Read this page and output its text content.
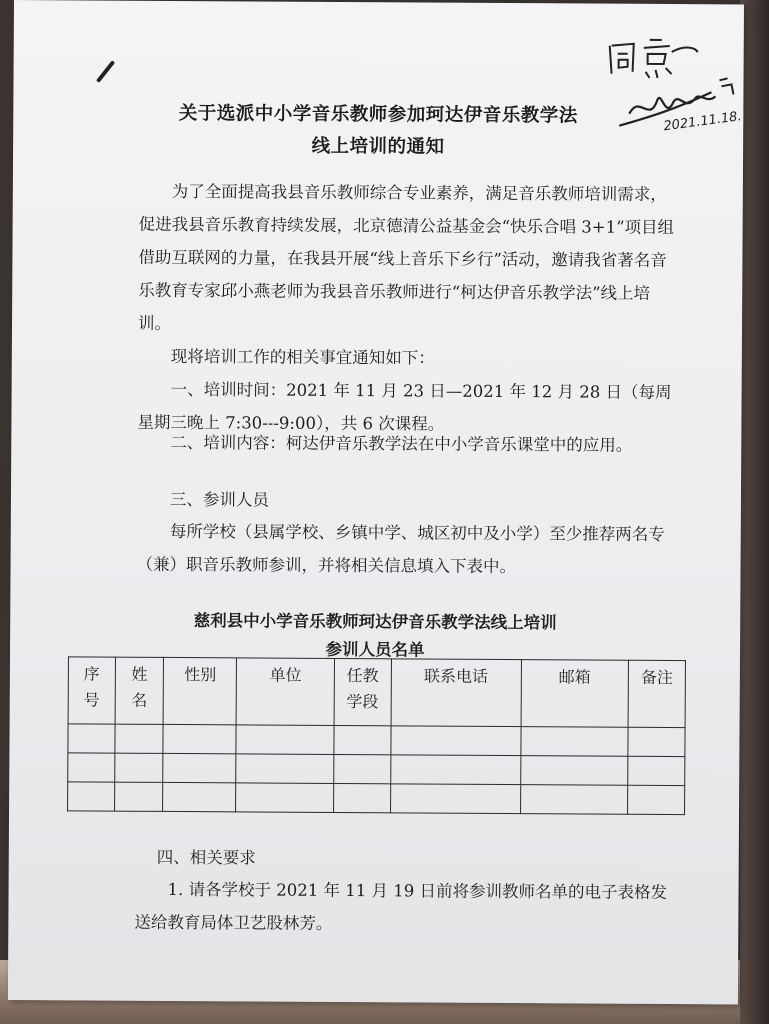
2021.11.18.
关于选派中小学音乐教师参加珂达伊音乐教学法
线上培训的通知

为了全面提高我县音乐教师综合专业素养，满足音乐教师培训需求，促进我县音乐教育持续发展，北京德清公益基金会“快乐合唱 3+1”项目组借助互联网的力量，在我县开展“线上音乐下乡行”活动，邀请我省著名音乐教育专家邱小燕老师为我县音乐教师进行“柯达伊音乐教学法”线上培训。

现将培训工作的相关事宜通知如下：

一、培训时间：2021 年 11 月 23 日—2021 年 12 月 28 日（每周星期三晚上 7:30---9:00），共 6 次课程。

二、培训内容：柯达伊音乐教学法在中小学音乐课堂中的应用。

三、参训人员

每所学校（县属学校、乡镇中学、城区初中及小学）至少推荐两名专（兼）职音乐教师参训，并将相关信息填入下表中。

慈利县中小学音乐教师珂达伊音乐教学法线上培训
参训人员名单
序号	姓名	性别	单位	任教学段	联系电话	邮箱	备注

四、相关要求

1. 请各学校于 2021 年 11 月 19 日前将参训教师名单的电子表格发送给教育局体卫艺股林芳。
